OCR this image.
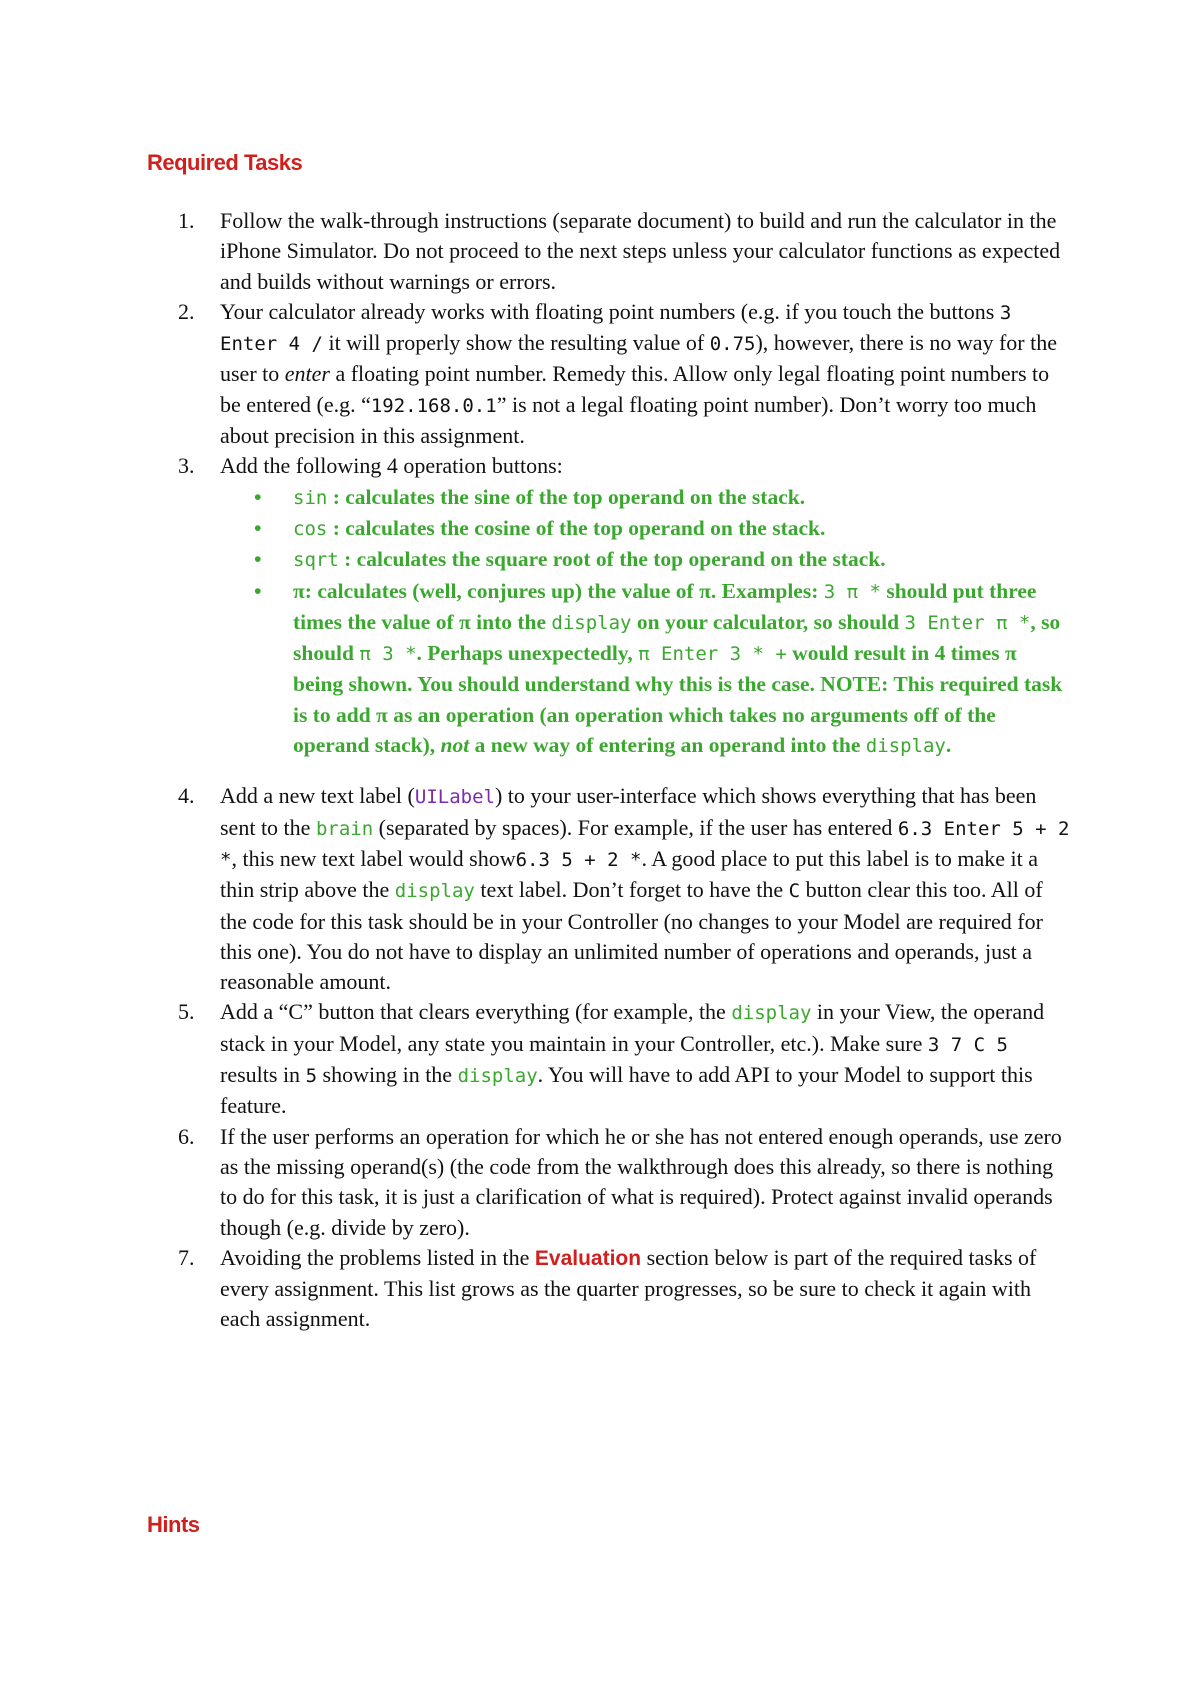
Required Tasks
1. Follow the walk-through instructions (separate document) to build and run the calculator in the iPhone Simulator. Do not proceed to the next steps unless your calculator functions as expected and builds without warnings or errors.
2. Your calculator already works with floating point numbers (e.g. if you touch the buttons 3 Enter 4 / it will properly show the resulting value of 0.75), however, there is no way for the user to enter a floating point number. Remedy this. Allow only legal floating point numbers to be entered (e.g. “192.168.0.1” is not a legal floating point number). Don’t worry too much about precision in this assignment.
3. Add the following 4 operation buttons:
• sin : calculates the sine of the top operand on the stack.
• cos : calculates the cosine of the top operand on the stack.
• sqrt : calculates the square root of the top operand on the stack.
• π: calculates (well, conjures up) the value of π. Examples: 3 π * should put three times the value of π into the display on your calculator, so should 3 Enter π *, so should π 3 *. Perhaps unexpectedly, π Enter 3 * + would result in 4 times π being shown. You should understand why this is the case. NOTE: This required task is to add π as an operation (an operation which takes no arguments off of the operand stack), not a new way of entering an operand into the display.
4. Add a new text label (UILabel) to your user-interface which shows everything that has been sent to the brain (separated by spaces). For example, if the user has entered 6.3 Enter 5 + 2 *, this new text label would show6.3 5 + 2 *. A good place to put this label is to make it a thin strip above the display text label. Don’t forget to have the C button clear this too. All of the code for this task should be in your Controller (no changes to your Model are required for this one). You do not have to display an unlimited number of operations and operands, just a reasonable amount.
5. Add a “C” button that clears everything (for example, the display in your View, the operand stack in your Model, any state you maintain in your Controller, etc.). Make sure 3 7 C 5 results in 5 showing in the display. You will have to add API to your Model to support this feature.
6. If the user performs an operation for which he or she has not entered enough operands, use zero as the missing operand(s) (the code from the walkthrough does this already, so there is nothing to do for this task, it is just a clarification of what is required). Protect against invalid operands though (e.g. divide by zero).
7. Avoiding the problems listed in the Evaluation section below is part of the required tasks of every assignment. This list grows as the quarter progresses, so be sure to check it again with each assignment.
Hints
